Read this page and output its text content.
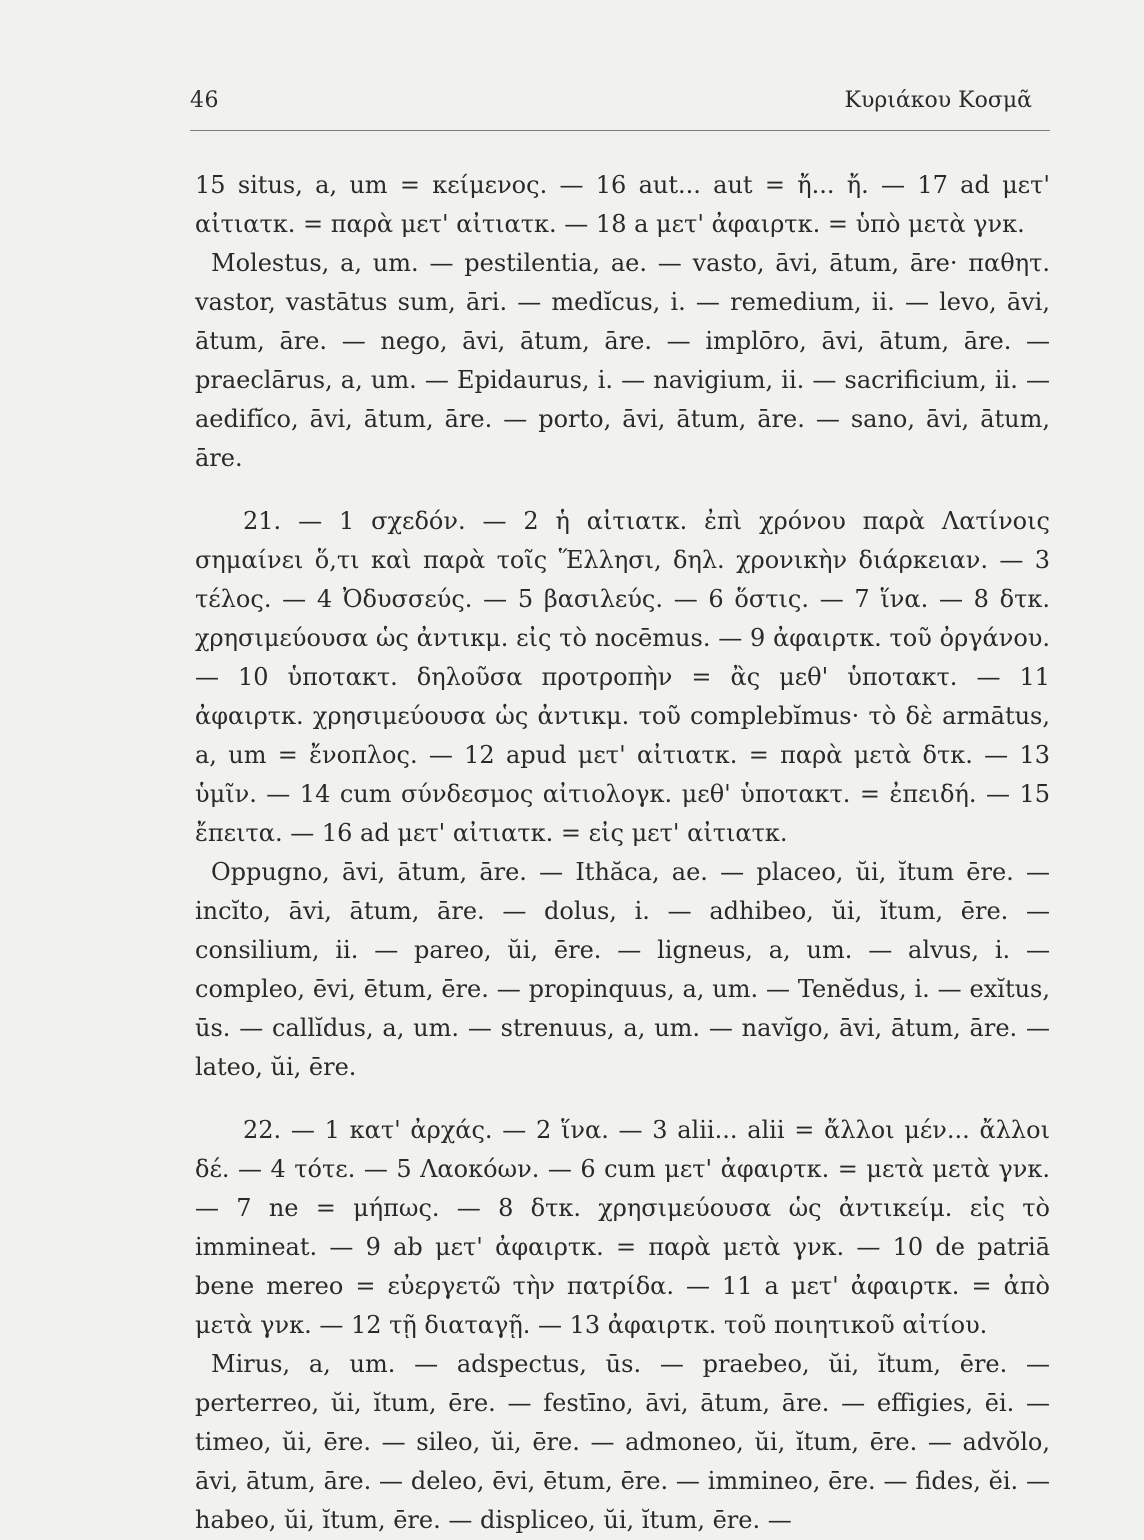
46	Κυριάκου Κοσμᾶ

15 situs, a, um = κείμενος. — 16 aut... aut = ἤ... ἤ. — 17 ad μετ' αἰτιατκ. = παρὰ μετ' αἰτιατκ. — 18 a μετ' ἀφαιρτκ. = ὑπὸ μετὰ γνκ.

Molestus, a, um. — pestilentia, ae. — vasto, āvi, ātum, āre· παθητ. vastor, vastātus sum, āri. — medĭcus, i. — remedium, ii. — levo, āvi, ātum, āre. — nego, āvi, ātum, āre. — implōro, āvi, ātum, āre. — praeclārus, a, um. — Epidaurus, i. — navigium, ii. — sacrificium, ii. — aedifĭco, āvi, ātum, āre. — porto, āvi, ātum, āre. — sano, āvi, ātum, āre.

21. — 1 σχεδόν. — 2 ἡ αἰτιατκ. ἐπὶ χρόνου παρὰ Λατίνοις σημαίνει ὅ,τι καὶ παρὰ τοῖς Ἕλλησι, δηλ. χρονικὴν διάρκειαν. — 3 τέλος. — 4 Ὀδυσσεύς. — 5 βασιλεύς. — 6 ὅστις. — 7 ἵνα. — 8 δτκ. χρησιμεύουσα ὡς ἀντικμ. εἰς τὸ nocēmus. — 9 ἀφαιρτκ. τοῦ ὀργάνου. — 10 ὑποτακτ. δηλοῦσα προτροπὴν = ἂς μεθ' ὑποτακτ. — 11 ἀφαιρτκ. χρησιμεύουσα ὡς ἀντικμ. τοῦ complebĭmus· τὸ δὲ armātus, a, um = ἔνοπλος. — 12 apud μετ' αἰτιατκ. = παρὰ μετὰ δτκ. — 13 ὑμῖν. — 14 cum σύνδεσμος αἰτιολογκ. μεθ' ὑποτακτ. = ἐπειδή. — 15 ἔπειτα. — 16 ad μετ' αἰτιατκ. = εἰς μετ' αἰτιατκ.

Oppugno, āvi, ātum, āre. — Ithăca, ae. — placeo, ŭi, ĭtum ēre. — incĭto, āvi, ātum, āre. — dolus, i. — adhibeo, ŭi, ĭtum, ēre. — consilium, ii. — pareo, ŭi, ēre. — ligneus, a, um. — alvus, i. — compleo, ēvi, ētum, ēre. — propinquus, a, um. — Tenĕdus, i. — exĭtus, ūs. — callĭdus, a, um. — strenuus, a, um. — navĭgo, āvi, ātum, āre. — lateo, ŭi, ēre.

22. — 1 κατ' ἀρχάς. — 2 ἵνα. — 3 alii... alii = ἄλλοι μέν... ἄλλοι δέ. — 4 τότε. — 5 Λαοκόων. — 6 cum μετ' ἀφαιρτκ. = μετὰ μετὰ γνκ. — 7 ne = μήπως. — 8 δτκ. χρησιμεύουσα ὡς ἀντικείμ. εἰς τὸ immineat. — 9 ab μετ' ἀφαιρτκ. = παρὰ μετὰ γνκ. — 10 de patriā bene mereo = εὐεργετῶ τὴν πατρίδα. — 11 a μετ' ἀφαιρτκ. = ἀπὸ μετὰ γνκ. — 12 τῇ διαταγῇ. — 13 ἀφαιρτκ. τοῦ ποιητικοῦ αἰτίου.

Mirus, a, um. — adspectus, ūs. — praebeo, ŭi, ĭtum, ēre. — perterreo, ŭi, ĭtum, ēre. — festīno, āvi, ātum, āre. — effigies, ēi. — timeo, ŭi, ēre. — sileo, ŭi, ēre. — admoneo, ŭi, ĭtum, ēre. — advŏlo, āvi, ātum, āre. — deleo, ēvi, ētum, ēre. — immineo, ēre. — fides, ĕi. — habeo, ŭi, ĭtum, ēre. — displiceo, ŭi, ĭtum, ēre. —
